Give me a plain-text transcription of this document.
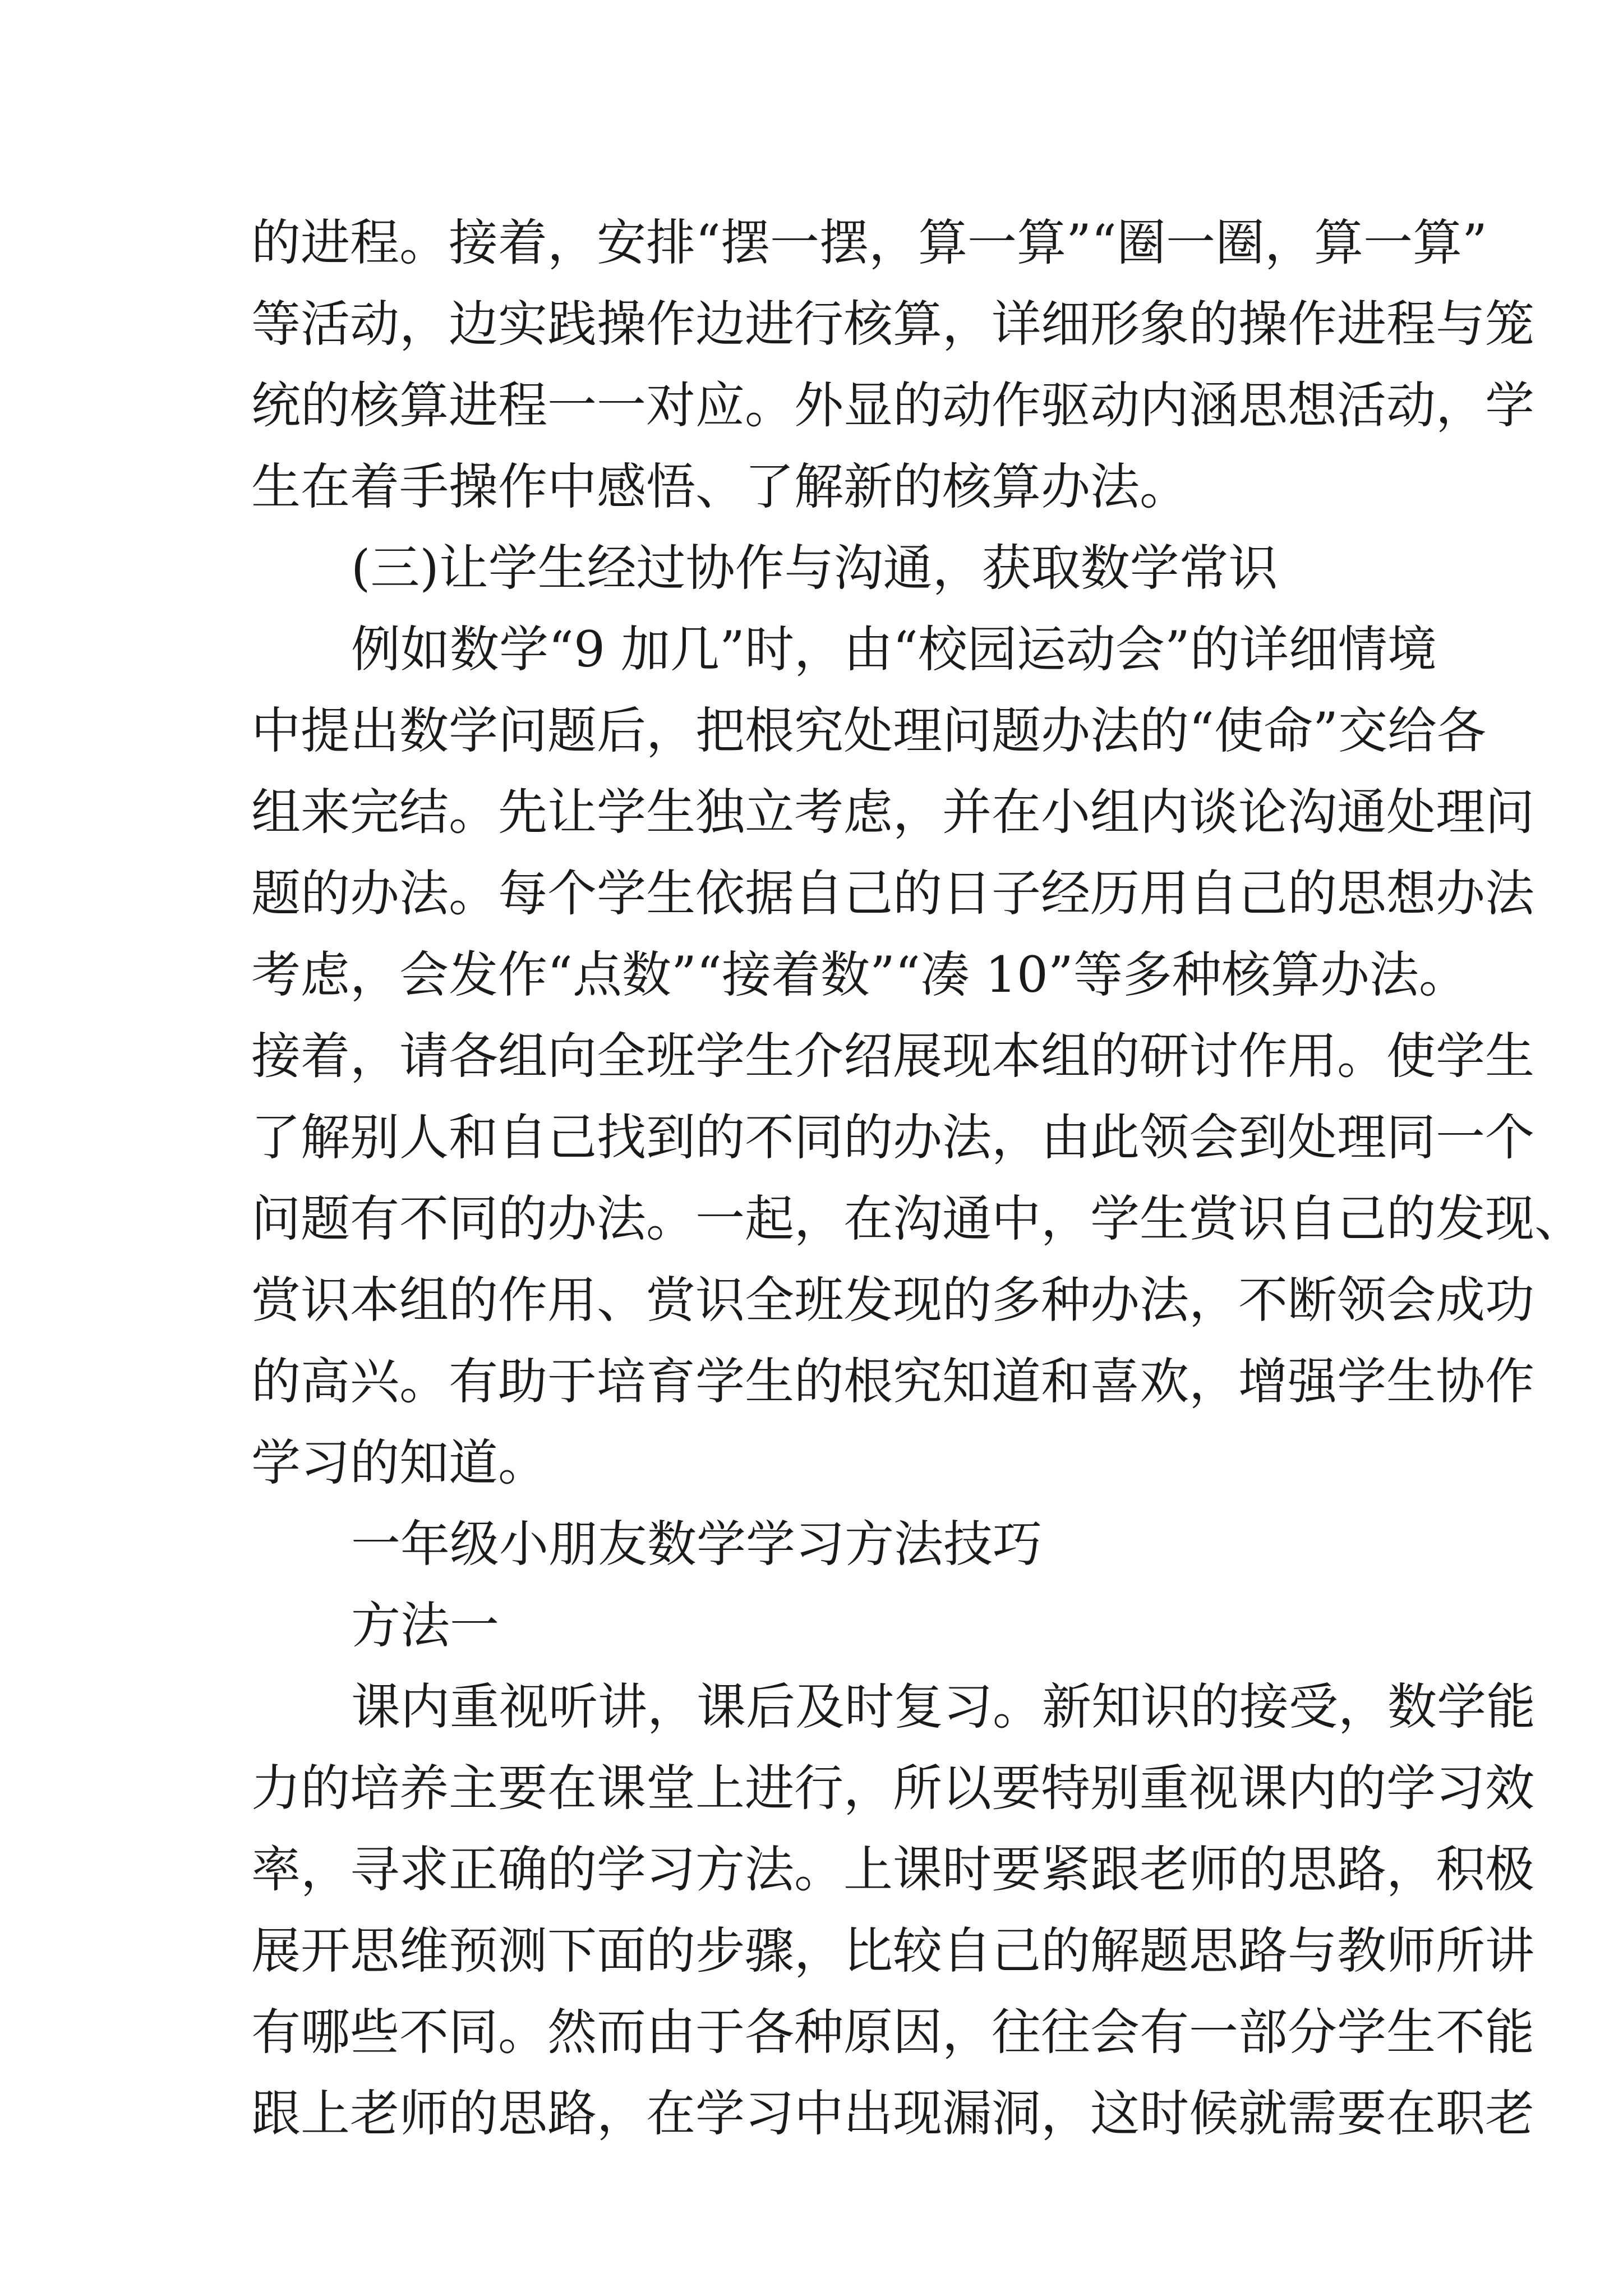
的进程。接着，安排“摆一摆，算一算”“圈一圈，算一算”
等活动，边实践操作边进行核算，详细形象的操作进程与笼
统的核算进程一一对应。外显的动作驱动内涵思想活动，学
生在着手操作中感悟、了解新的核算办法。
(三)让学生经过协作与沟通，获取数学常识
例如数学“9 加几”时，由“校园运动会”的详细情境
中提出数学问题后，把根究处理问题办法的“使命”交给各
组来完结。先让学生独立考虑，并在小组内谈论沟通处理问
题的办法。每个学生依据自己的日子经历用自己的思想办法
考虑，会发作“点数”“接着数”“凑 10”等多种核算办法。
接着，请各组向全班学生介绍展现本组的研讨作用。使学生
了解别人和自己找到的不同的办法，由此领会到处理同一个
问题有不同的办法。一起，在沟通中，学生赏识自己的发现、
赏识本组的作用、赏识全班发现的多种办法，不断领会成功
的高兴。有助于培育学生的根究知道和喜欢，增强学生协作
学习的知道。
一年级小朋友数学学习方法技巧
方法一
课内重视听讲，课后及时复习。新知识的接受，数学能
力的培养主要在课堂上进行，所以要特别重视课内的学习效
率，寻求正确的学习方法。上课时要紧跟老师的思路，积极
展开思维预测下面的步骤，比较自己的解题思路与教师所讲
有哪些不同。然而由于各种原因，往往会有一部分学生不能
跟上老师的思路，在学习中出现漏洞，这时候就需要在职老
